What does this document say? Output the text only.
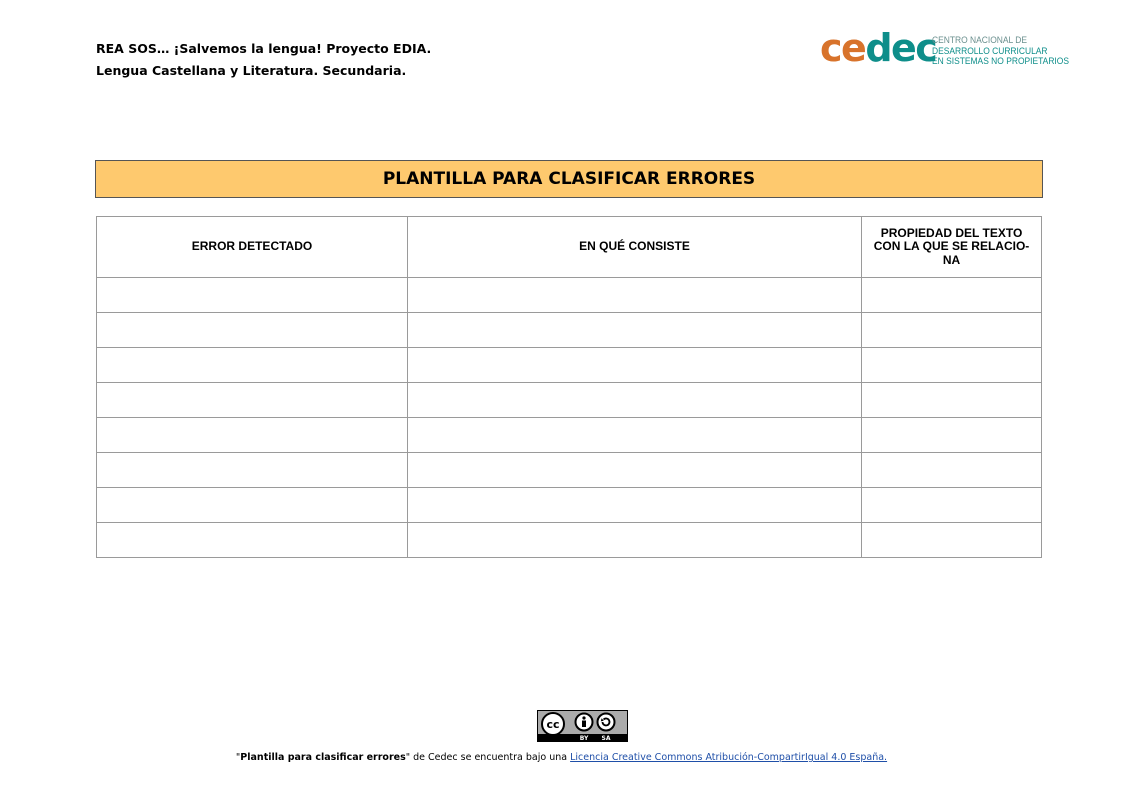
REA SOS… ¡Salvemos la lengua! Proyecto EDIA.
Lengua Castellana y Literatura. Secundaria.
cedec
CENTRO NACIONAL DE
DESARROLLO CURRICULAR
EN SISTEMAS NO PROPIETARIOS
PLANTILLA PARA CLASIFICAR ERRORES
ERROR DETECTADO	EN QUÉ CONSISTE	PROPIEDAD DEL TEXTO CON LA QUE SE RELACIO-NA

cc
BY SA
"Plantilla para clasificar errores" de Cedec se encuentra bajo una Licencia Creative Commons Atribución-CompartirIgual 4.0 España.
